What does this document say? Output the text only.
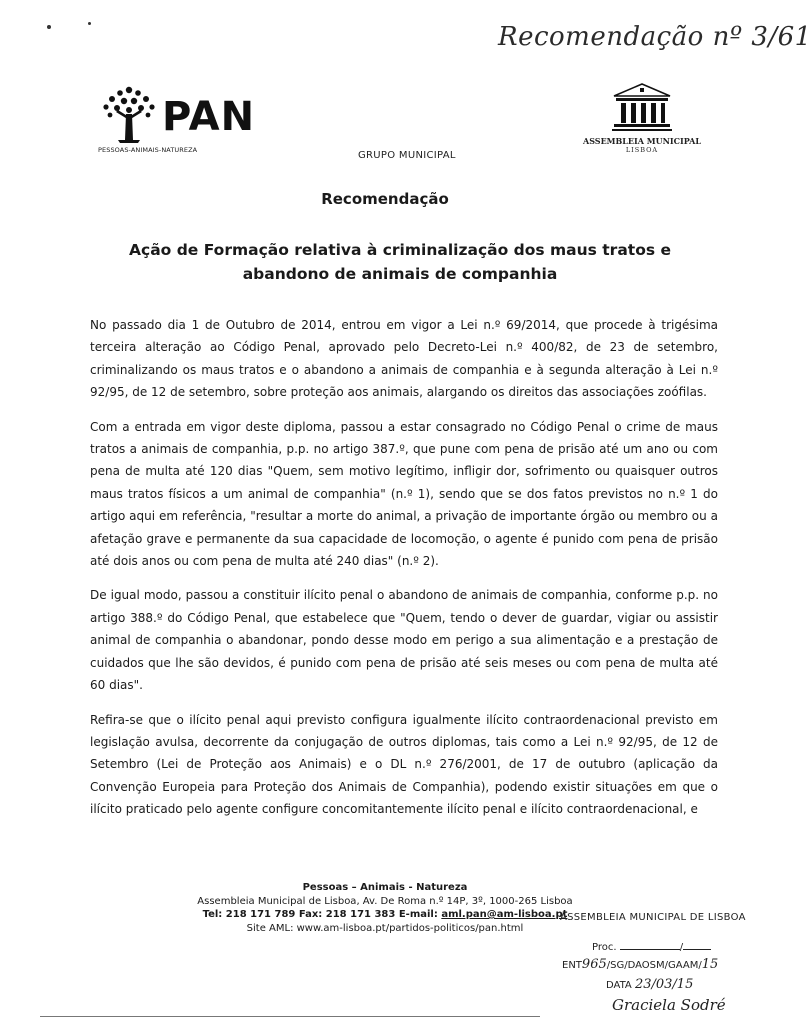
Recomendação nº 3/61
PAN
PESSOAS-ANIMAIS-NATUREZA	GRUPO MUNICIPAL
ASSEMBLEIA MUNICIPAL
LISBOA
Recomendação
Ação de Formação relativa à criminalização dos maus tratos e abandono de animais de companhia

No passado dia 1 de Outubro de 2014, entrou em vigor a Lei n.º 69/2014, que procede à trigésima terceira alteração ao Código Penal, aprovado pelo Decreto-Lei n.º 400/82, de 23 de setembro, criminalizando os maus tratos e o abandono a animais de companhia e à segunda alteração à Lei n.º 92/95, de 12 de setembro, sobre proteção aos animais, alargando os direitos das associações zoófilas.

Com a entrada em vigor deste diploma, passou a estar consagrado no Código Penal o crime de maus tratos a animais de companhia, p.p. no artigo 387.º, que pune com pena de prisão até um ano ou com pena de multa até 120 dias "Quem, sem motivo legítimo, infligir dor, sofrimento ou quaisquer outros maus tratos físicos a um animal de companhia" (n.º 1), sendo que se dos fatos previstos no n.º 1 do artigo aqui em referência, "resultar a morte do animal, a privação de importante órgão ou membro ou a afetação grave e permanente da sua capacidade de locomoção, o agente é punido com pena de prisão até dois anos ou com pena de multa até 240 dias" (n.º 2).

De igual modo, passou a constituir ilícito penal o abandono de animais de companhia, conforme p.p. no artigo 388.º do Código Penal, que estabelece que "Quem, tendo o dever de guardar, vigiar ou assistir animal de companhia o abandonar, pondo desse modo em perigo a sua alimentação e a prestação de cuidados que lhe são devidos, é punido com pena de prisão até seis meses ou com pena de multa até 60 dias".

Refira-se que o ilícito penal aqui previsto configura igualmente ilícito contraordenacional previsto em legislação avulsa, decorrente da conjugação de outros diplomas, tais como a Lei n.º 92/95, de 12 de Setembro (Lei de Proteção aos Animais) e o DL n.º 276/2001, de 17 de outubro (aplicação da Convenção Europeia para Proteção dos Animais de Companhia), podendo existir situações em que o ilícito praticado pelo agente configure concomitantemente ilícito penal e ilícito contraordenacional, e

Pessoas – Animais - Natureza
Assembleia Municipal de Lisboa, Av. De Roma n.º 14P, 3º, 1000-265 Lisboa
Tel: 218 171 789 Fax: 218 171 383 E-mail: aml.pan@am-lisboa.pt
Site AML: www.am-lisboa.pt/partidos-politicos/pan.html
ASSEMBLEIA MUNICIPAL DE LISBOA
Proc.	/
ENT965/SG/DAOSM/GAAM/15
DATA 23/03/15
Graciela Sodré
